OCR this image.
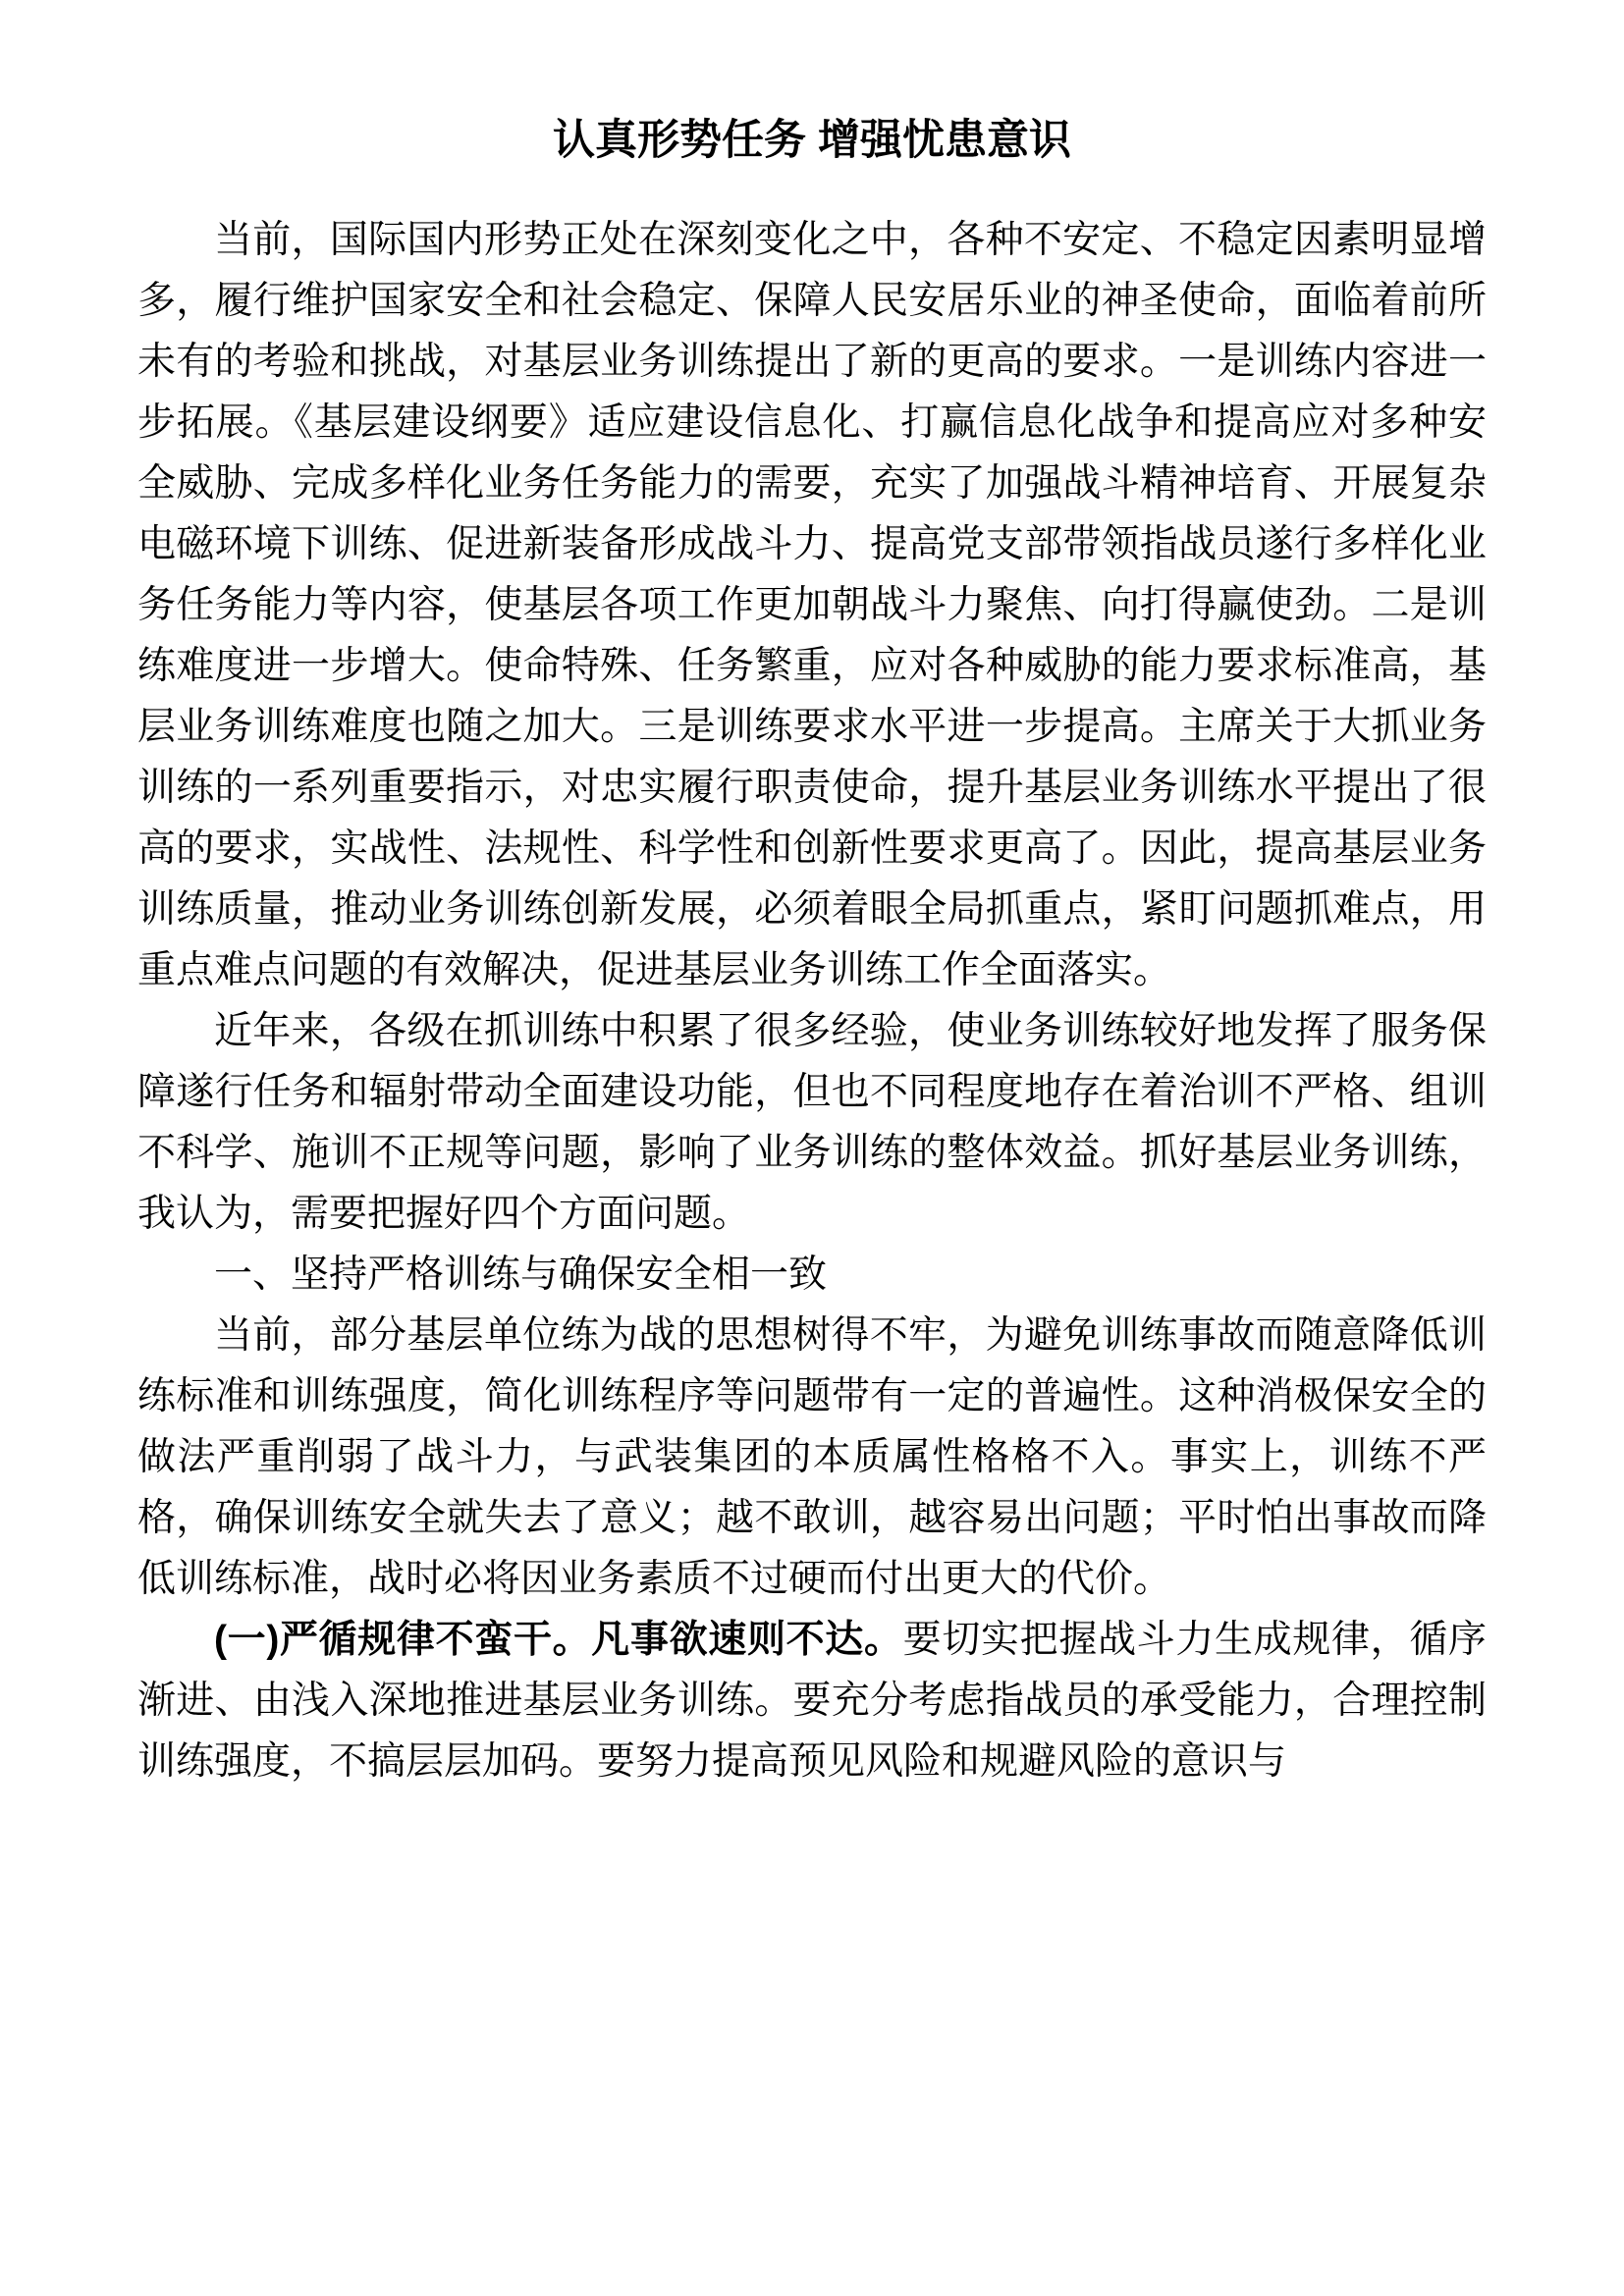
认真形势任务 增强忧患意识

当前，国际国内形势正处在深刻变化之中，各种不安定、不稳定因素明显增多，履行维护国家安全和社会稳定、保障人民安居乐业的神圣使命，面临着前所未有的考验和挑战，对基层业务训练提出了新的更高的要求。一是训练内容进一步拓展。《基层建设纲要》适应建设信息化、打赢信息化战争和提高应对多种安全威胁、完成多样化业务任务能力的需要，充实了加强战斗精神培育、开展复杂电磁环境下训练、促进新装备形成战斗力、提高党支部带领指战员遂行多样化业务任务能力等内容，使基层各项工作更加朝战斗力聚焦、向打得赢使劲。二是训练难度进一步增大。使命特殊、任务繁重，应对各种威胁的能力要求标准高，基层业务训练难度也随之加大。三是训练要求水平进一步提高。主席关于大抓业务训练的一系列重要指示，对忠实履行职责使命，提升基层业务训练水平提出了很高的要求，实战性、法规性、科学性和创新性要求更高了。因此，提高基层业务训练质量，推动业务训练创新发展，必须着眼全局抓重点，紧盯问题抓难点，用重点难点问题的有效解决，促进基层业务训练工作全面落实。

近年来，各级在抓训练中积累了很多经验，使业务训练较好地发挥了服务保障遂行任务和辐射带动全面建设功能，但也不同程度地存在着治训不严格、组训不科学、施训不正规等问题，影响了业务训练的整体效益。抓好基层业务训练，我认为，需要把握好四个方面问题。

一、坚持严格训练与确保安全相一致

当前，部分基层单位练为战的思想树得不牢，为避免训练事故而随意降低训练标准和训练强度，简化训练程序等问题带有一定的普遍性。这种消极保安全的做法严重削弱了战斗力，与武装集团的本质属性格格不入。事实上，训练不严格，确保训练安全就失去了意义；越不敢训，越容易出问题；平时怕出事故而降低训练标准，战时必将因业务素质不过硬而付出更大的代价。

(一)严循规律不蛮干。凡事欲速则不达。要切实把握战斗力生成规律，循序渐进、由浅入深地推进基层业务训练。要充分考虑指战员的承受能力，合理控制训练强度，不搞层层加码。要努力提高预见风险和规避风险的意识与
